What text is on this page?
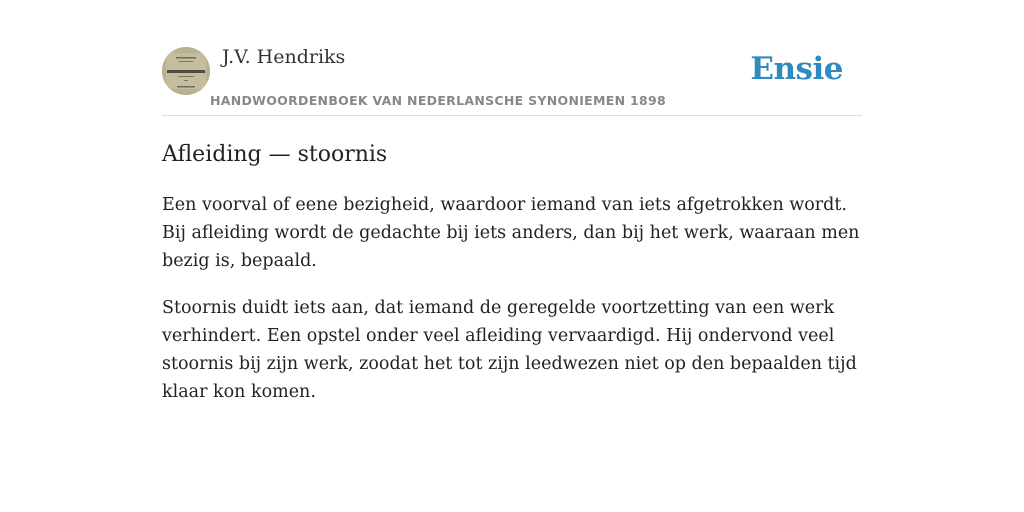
J.V. Hendriks
HANDWOORDENBOEK VAN NEDERLANSCHE SYNONIEMEN 1898
Ensie
Afleiding — stoornis

Een voorval of eene bezigheid, waardoor iemand van iets afgetrokken wordt. Bij afleiding wordt de gedachte bij iets anders, dan bij het werk, waaraan men bezig is, bepaald.

Stoornis duidt iets aan, dat iemand de geregelde voortzetting van een werk verhindert. Een opstel onder veel afleiding vervaardigd. Hij ondervond veel stoornis bij zijn werk, zoodat het tot zijn leedwezen niet op den bepaalden tijd klaar kon komen.
